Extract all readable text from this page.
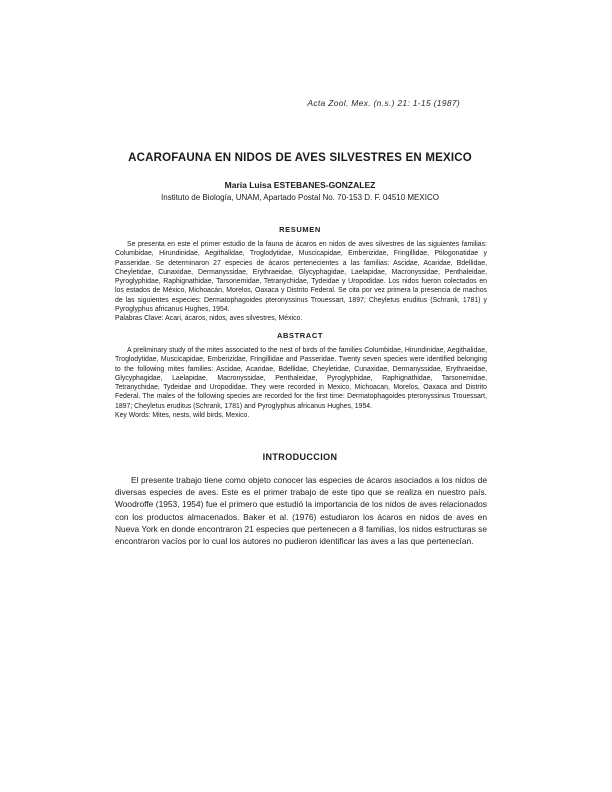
Acta Zool. Mex. (n.s.) 21: 1-15 (1987)
ACAROFAUNA EN NIDOS DE AVES SILVESTRES EN MEXICO
María Luisa ESTEBANES-GONZALEZ
Instituto de Biología, UNAM, Apartado Postal No. 70-153 D. F. 04510 MEXICO
RESUMEN
Se presenta en este el primer estudio de la fauna de ácaros en nidos de aves silvestres de las siguientes familias: Columbidae, Hirundinidae, Aegithalidae, Troglodytidae, Muscicapidae, Emberizidae, Fringillidae, Ptilogonatidae y Passeridae. Se determinaron 27 especies de ácaros pertenecientes a las familias: Ascidae, Acaridae, Bdellidae, Cheyletidae, Cunaxidae, Dermanyssidae, Erythraeidae, Glycyphagidae, Laelapidae, Macronyssidae, Penthaleidae, Pyroglyphidae, Raphignathidae, Tarsonemidae, Tetranychidae, Tydeidae y Uropodidae. Los nidos fueron colectados en los estados de México, Michoacán, Morelos, Oaxaca y Distrito Federal. Se cita por vez primera la presencia de machos de las siguientes especies: Dermatophagoides pteronyssinus Trouessart, 1897; Cheyletus eruditus (Schrank, 1781) y Pyroglyphus africanus Hughes, 1954.
Palabras Clave: Acari, ácaros, nidos, aves silvestres, México.
ABSTRACT
A preliminary study of the mites associated to the nest of birds of the families Columbidae, Hirundinidae, Aegithalidae, Troglodytidae, Muscicapidae, Emberizidae, Fringillidae and Passeridae. Twenty seven species were identified belonging to the following mites families: Ascidae, Acaridae, Bdellidae, Cheyletidae, Cunaxidae, Dermanyssidae, Erythraeidae, Glycyphagidae, Laelapidae, Macronyssidae, Penthaleidae, Pyroglyphidae, Raphignathidae, Tarsonemidae, Tetranychidae, Tydeidae and Uropodidae. They were recorded in Mexico, Michoacan, Morelos, Oaxaca and Distrito Federal. The males of the following species are recorded for the first time: Dermatophagoides pteronyssinus Trouessart, 1897; Cheyletus eruditus (Schrank, 1781) and Pyroglyphus africanus Hughes, 1954.
Key Words: Mites, nests, wild birds, Mexico.
INTRODUCCION
El presente trabajo tiene como objeto conocer las especies de ácaros asociados a los nidos de diversas especies de aves. Este es el primer trabajo de este tipo que se realiza en nuestro país. Woodroffe (1953, 1954) fue el primero que estudió la importancia de los nidos de aves relacionados con los productos almacenados. Baker et al. (1976) estudiaron los ácaros en nidos de aves en Nueva York en donde encontraron 21 especies que pertenecen a 8 familias, los nidos estructuras se encontraron vacíos por lo cual los autores no pudieron identificar las aves a las que pertenecían.
